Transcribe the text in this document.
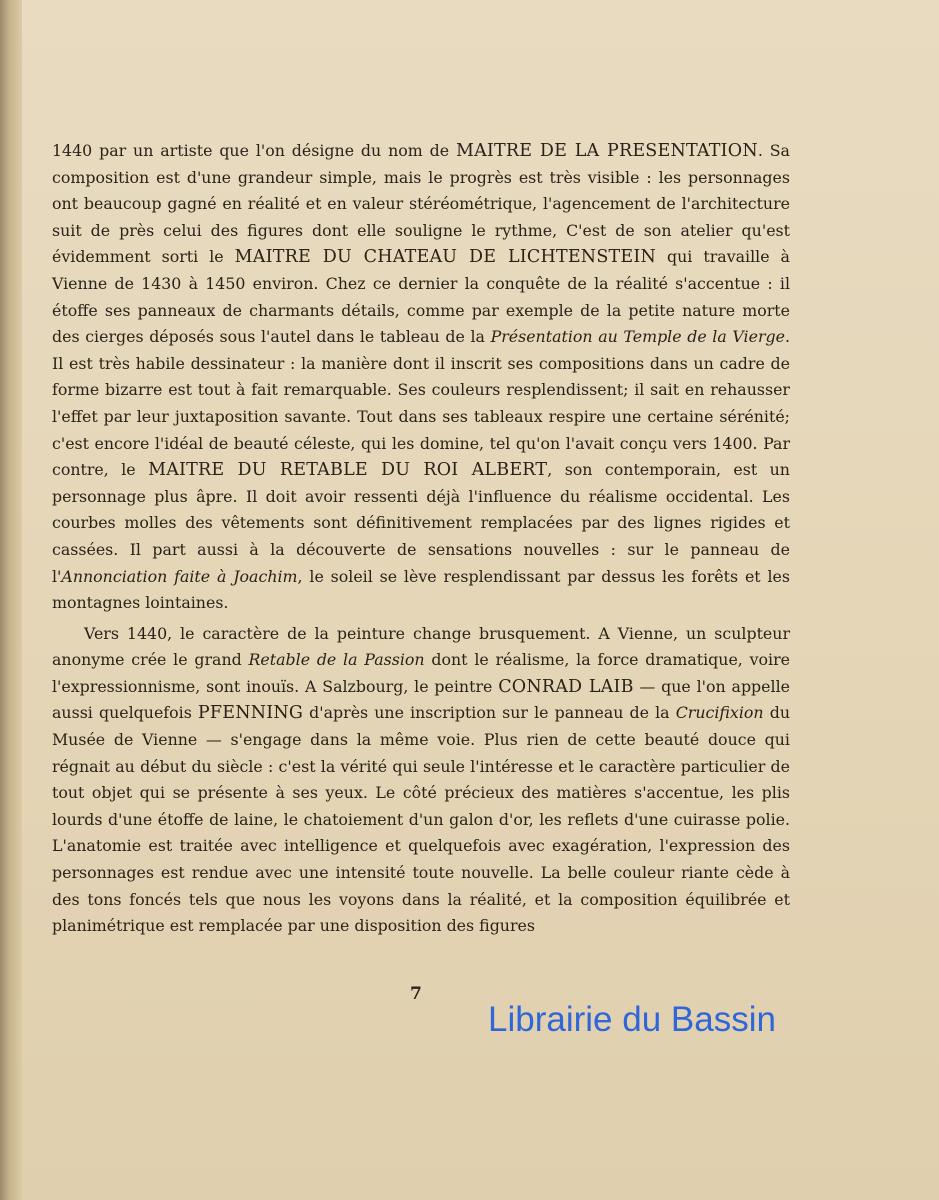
1440 par un artiste que l'on désigne du nom de MAITRE DE LA PRESENTATION. Sa composition est d'une grandeur simple, mais le progrès est très visible : les personnages ont beaucoup gagné en réalité et en valeur stéréométrique, l'agencement de l'architecture suit de près celui des figures dont elle souligne le rythme, C'est de son atelier qu'est évidemment sorti le MAITRE DU CHATEAU DE LICHTENSTEIN qui travaille à Vienne de 1430 à 1450 environ. Chez ce dernier la conquête de la réalité s'accentue : il étoffe ses panneaux de charmants détails, comme par exemple de la petite nature morte des cierges déposés sous l'autel dans le tableau de la Présentation au Temple de la Vierge. Il est très habile dessinateur : la manière dont il inscrit ses compositions dans un cadre de forme bizarre est tout à fait remarquable. Ses couleurs resplendissent; il sait en rehausser l'effet par leur juxtaposition savante. Tout dans ses tableaux respire une certaine sérénité; c'est encore l'idéal de beauté céleste, qui les domine, tel qu'on l'avait conçu vers 1400. Par contre, le MAITRE DU RETABLE DU ROI ALBERT, son contemporain, est un personnage plus âpre. Il doit avoir ressenti déjà l'influence du réalisme occidental. Les courbes molles des vêtements sont définitivement remplacées par des lignes rigides et cassées. Il part aussi à la découverte de sensations nouvelles : sur le panneau de l'Annonciation faite à Joachim, le soleil se lève resplendissant par dessus les forêts et les montagnes lointaines.

Vers 1440, le caractère de la peinture change brusquement. A Vienne, un sculpteur anonyme crée le grand Retable de la Passion dont le réalisme, la force dramatique, voire l'expressionnisme, sont inouïs. A Salzbourg, le peintre CONRAD LAIB — que l'on appelle aussi quelquefois PFENNING d'après une inscription sur le panneau de la Crucifixion du Musée de Vienne — s'engage dans la même voie. Plus rien de cette beauté douce qui régnait au début du siècle : c'est la vérité qui seule l'intéresse et le caractère particulier de tout objet qui se présente à ses yeux. Le côté précieux des matières s'accentue, les plis lourds d'une étoffe de laine, le chatoiement d'un galon d'or, les reflets d'une cuirasse polie. L'anatomie est traitée avec intelligence et quelquefois avec exagération, l'expression des personnages est rendue avec une intensité toute nouvelle. La belle couleur riante cède à des tons foncés tels que nous les voyons dans la réalité, et la composition équilibrée et planimétrique est remplacée par une disposition des figures

7
Librairie du Bassin
